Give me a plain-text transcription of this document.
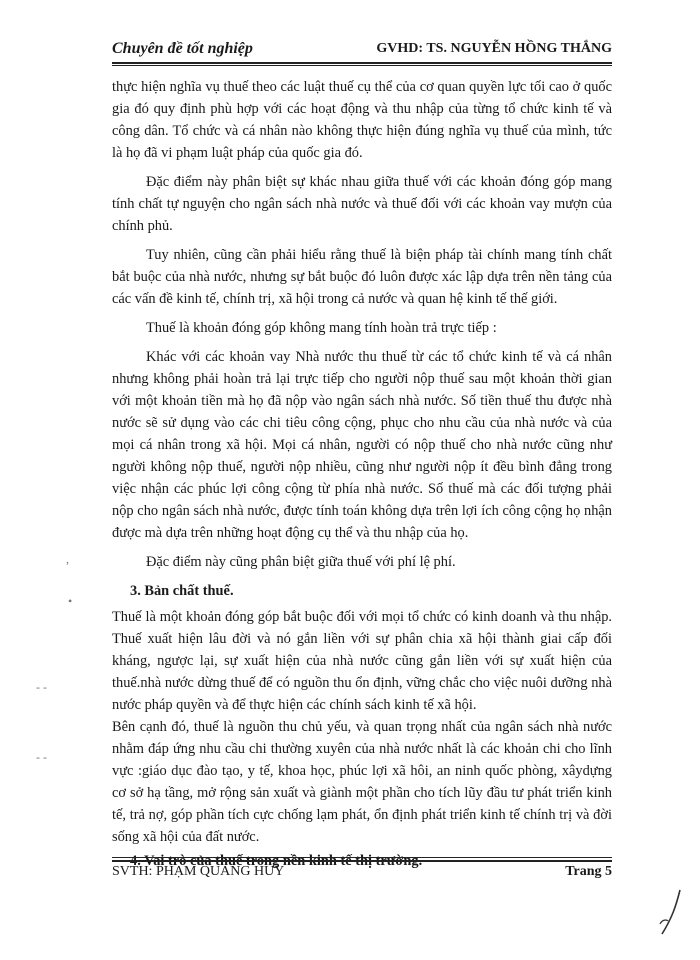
Chuyên đề tốt nghiệp	GVHD: TS. NGUYỄN HỒNG THẮNG

thực hiện nghĩa vụ thuế theo các luật thuế cụ thể của cơ quan quyền lực tối cao ở quốc gia đó quy định phù hợp với các hoạt động và thu nhập của từng tổ chức kinh tế và công dân. Tổ chức và cá nhân nào không thực hiện đúng nghĩa vụ thuế của mình, tức là họ đã vi phạm luật pháp của quốc gia đó.

Đặc điểm này phân biệt sự khác nhau giữa thuế với các khoản đóng góp mang tính chất tự nguyện cho ngân sách nhà nước và thuế đối với các khoản vay mượn của chính phủ.

Tuy nhiên, cũng cần phải hiểu rằng thuế là biện pháp tài chính mang tính chất bắt buộc của nhà nước, nhưng sự bắt buộc đó luôn được xác lập dựa trên nền tảng của các vấn đề kinh tế, chính trị, xã hội trong cả nước và quan hệ kinh tế thế giới.

Thuế là khoản đóng góp không mang tính hoàn trả trực tiếp :

Khác với các khoản vay Nhà nước thu thuế từ các tổ chức kinh tế và cá nhân nhưng không phải hoàn trả lại trực tiếp cho người nộp thuế sau một khoản thời gian với một khoản tiền mà họ đã nộp vào ngân sách nhà nước. Số tiền thuế thu được nhà nước sẽ sử dụng vào các chi tiêu công cộng, phục cho nhu cầu của nhà nước và của mọi cá nhân trong xã hội. Mọi cá nhân, người có nộp thuế cho nhà nước cũng như người không nộp thuế, người nộp nhiều, cũng như người nộp ít đều bình đẳng trong việc nhận các phúc lợi công cộng từ phía nhà nước. Số thuế mà các đối tượng phải nộp cho ngân sách nhà nước, được tính toán không dựa trên lợi ích công cộng họ nhận được mà dựa trên những hoạt động cụ thể và thu nhập của họ.

Đặc điểm này cũng phân biệt giữa thuế với phí lệ phí.

3. Bản chất thuế.

Thuế là một khoản đóng góp bắt buộc đối với mọi tổ chức có kinh doanh và thu nhập. Thuế xuất hiện lâu đời và nó gắn liền với sự phân chia xã hội thành giai cấp đối kháng, ngược lại, sự xuất hiện của nhà nước cũng gắn liền với sự xuất hiện của thuế.nhà nước dừng thuế để có nguồn thu ổn định, vững chắc cho việc nuôi dưỡng nhà nước pháp quyền và để thực hiện các chính sách kinh tế xã hội.

Bên cạnh đó, thuế là nguồn thu chủ yếu, và quan trọng nhất của ngân sách nhà nước nhằm đáp ứng nhu cầu chi thường xuyên của nhà nước nhất là các khoản chi cho lĩnh vực :giáo dục đào tạo, y tế, khoa học, phúc lợi xã hôi, an ninh quốc phòng, xâydựng cơ sở hạ tầng, mở rộng sản xuất và giành một phần cho tích lũy đầu tư phát triển kinh tế, trả nợ, góp phần tích cực chống lạm phát, ổn định phát triển kinh tế chính trị và đời sống xã hội của đất nước.

4. Vai trò của thuế trong nền kinh tế thị trường.

,
•
- -
- -
SVTH: PHẠM QUANG HUY	Trang 5
